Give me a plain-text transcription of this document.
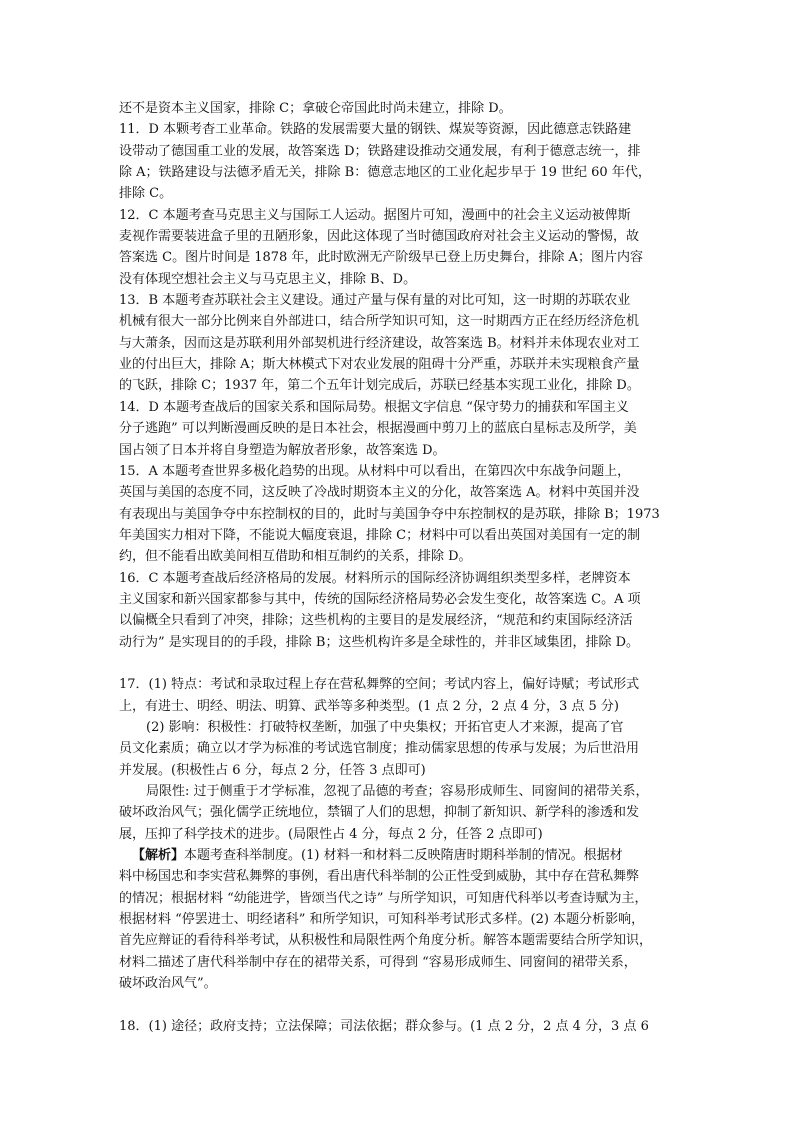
还不是资本主义国家，排除 C；拿破仑帝国此时尚未建立，排除 D。
11．D 本颗考杳工业革命。铁路的发展需要大量的钢铁、煤炭等资源，因此德意志铁路建
设带动了德国重工业的发展，故答案选 D；铁路建设推动交通发展，有利于德意志统一，排
除 A；铁路建设与法德矛盾无关，排除 B：德意志地区的工业化起步早于 19 世纪 60 年代，
排除 C。
12．C 本题考查马克思主义与国际工人运动。据图片可知，漫画中的社会主义运动被俾斯
麦视作需要装进盒子里的丑陋形象，因此这体现了当时德国政府对社会主义运动的警惕，故
答案选 C。图片时间是 1878 年，此时欧洲无产阶级早已登上历史舞台，排除 A；图片内容
没有体现空想社会主义与马克思主义，排除 B、D。
13．B 本题考查苏联社会主义建设。通过产量与保有量的对比可知，这一时期的苏联农业
机械有很大一部分比例来自外部进口，结合所学知识可知，这一时期西方正在经历经济危机
与大萧条，因而这是苏联利用外部契机进行经济建设，故答案选 B。材料并未体现农业对工
业的付出巨大，排除 A；斯大林模式下对农业发展的阻碍十分严重，苏联并未实现粮食产量
的飞跃，排除 C；1937 年，第二个五年计划完成后，苏联已经基本实现工业化，排除 D。
14．D 本题考查战后的国家关系和国际局势。根据文字信息 “保守势力的捕获和军国主义
分子逃跑” 可以判断漫画反映的是日本社会，根据漫画中剪刀上的蓝底白星标志及所学，美
国占领了日本并将自身塑造为解放者形象，故答案选 D。
15．A 本题考查世界多极化趋势的出现。从材料中可以看出，在第四次中东战争问题上，
英国与美国的态度不同，这反映了冷战时期资本主义的分化，故答案选 A。材料中英国并没
有表现出与美国争夺中东控制权的目的，此时与美国争夺中东控制权的是苏联，排除 B；1973
年美国实力相对下降，不能说大幅度衰退，排除 C；材料中可以看出英国对美国有一定的制
约，但不能看出欧美间相互借助和相互制约的关系，排除 D。
16．C 本题考查战后经济格局的发展。材料所示的国际经济协调组织类型多样，老牌资本
主义国家和新兴国家都参与其中，传统的国际经济格局势必会发生变化，故答案选 C。A 项
以偏概全只看到了冲突，排除；这些机构的主要目的是发展经济，“规范和约束国际经济活
动行为” 是实现目的的手段，排除 B；这些机构许多是全球性的，并非区域集团，排除 D。
17．(1) 特点：考试和录取过程上存在营私舞弊的空间；考试内容上，偏好诗赋；考试形式
上，有进士、明经、明法、明算、武举等多种类型。(1 点 2 分，2 点 4 分，3 点 5 分)
(2) 影响：积极性：打破特权垄断，加强了中央集权；开拓官吏人才来源，提高了官
员文化素质；确立以才学为标准的考试选官制度；推动儒家思想的传承与发展；为后世沿用
并发展。(积极性占 6 分，每点 2 分，任答 3 点即可)
局限性: 过于侧重于才学标准，忽视了品德的考查；容易形成师生、同窗间的裙带关系，
破坏政治风气；强化儒学正统地位，禁锢了人们的思想，抑制了新知识、新学科的渗透和发
展，压抑了科学技术的进步。(局限性占 4 分，每点 2 分，任答 2 点即可)
【解析】本题考查科举制度。(1) 材料一和材料二反映隋唐时期科举制的情况。根据材
料中杨国忠和李实营私舞弊的事例，看出唐代科举制的公正性受到威胁，其中存在营私舞弊
的情况；根据材料 “幼能进学，皆颂当代之诗” 与所学知识，可知唐代科举以考查诗赋为主，
根据材料 “停罢进士、明经诸科” 和所学知识，可知科举考试形式多样。(2) 本题分析影响，
首先应辩证的看待科举考试，从积极性和局限性两个角度分析。解答本题需要结合所学知识，
材料二描述了唐代科举制中存在的裙带关系，可得到 “容易形成师生、同窗间的裙带关系，
破坏政治风气”。
18．(1) 途径；政府支持；立法保障；司法依据；群众参与。(1 点 2 分，2 点 4 分，3 点 6
